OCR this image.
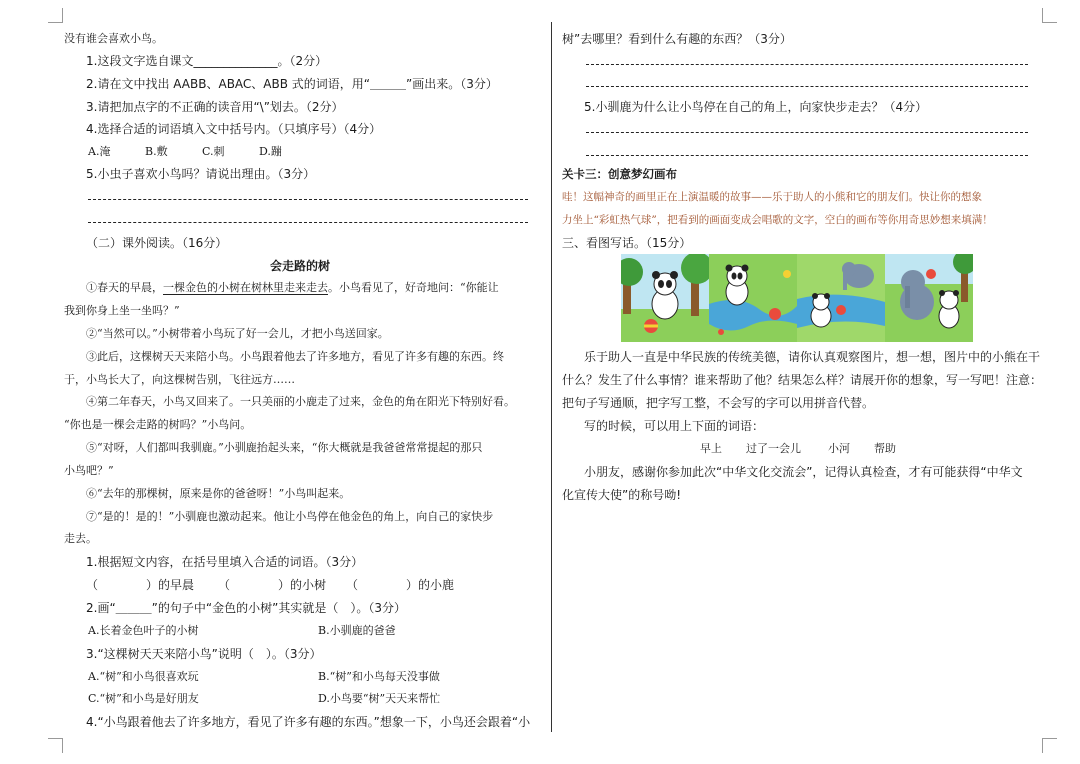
没有谁会喜欢小鸟。
1.这段文字选自课文______________。（2分）
2.请在文中找出 AABB、ABAC、ABB 式的词语，用“＿＿＿”画出来。（3分）
3.请把加点字的不正确的读音用“\”划去。（2分）
4.选择合适的词语填入文中括号内。（只填序号）（4分）
A.淹	B.敷	C.刺	D.蹦
5.小虫子喜欢小鸟吗？请说出理由。（3分）
（二）课外阅读。（16分）
会走路的树
①春天的早晨，一棵金色的小树在树林里走来走去。小鸟看见了，好奇地问：“你能让
我到你身上坐一坐吗？”
②“当然可以。”小树带着小鸟玩了好一会儿，才把小鸟送回家。
③此后，这棵树天天来陪小鸟。小鸟跟着他去了许多地方，看见了许多有趣的东西。终
于，小鸟长大了，向这棵树告别，飞往远方……
④第二年春天，小鸟又回来了。一只美丽的小鹿走了过来，金色的角在阳光下特别好看。
“你也是一棵会走路的树吗？”小鸟问。
⑤“对呀，人们都叫我驯鹿。”小驯鹿抬起头来，“你大概就是我爸爸常常提起的那只
小鸟吧？”
⑥“去年的那棵树，原来是你的爸爸呀！”小鸟叫起来。
⑦“是的！是的！”小驯鹿也激动起来。他让小鸟停在他金色的角上，向自己的家快步
走去。
1.根据短文内容，在括号里填入合适的词语。（3分）
（　　　　）的早晨 （　　　　）的小树 （　　　　）的小鹿
2.画“＿＿＿”的句子中“金色的小树”其实就是（　）。（3分）
A.长着金色叶子的小树	B.小驯鹿的爸爸
3.“这棵树天天来陪小鸟”说明（　）。（3分）
A.“树”和小鸟很喜欢玩	B.“树”和小鸟每天没事做
C.“树”和小鸟是好朋友	D.小鸟要“树”天天来帮忙
4.“小鸟跟着他去了许多地方，看见了许多有趣的东西。”想象一下，小鸟还会跟着“小
树”去哪里？看到什么有趣的东西？（3分）
5.小驯鹿为什么让小鸟停在自己的角上，向家快步走去？（4分）
关卡三：创意梦幻画布
哇！这幅神奇的画里正在上演温暖的故事——乐于助人的小熊和它的朋友们。快让你的想象
力坐上“彩虹热气球”，把看到的画面变成会唱歌的文字，空白的画布等你用奇思妙想来填满！
三、看图写话。（15分）
乐于助人一直是中华民族的传统美德，请你认真观察图片，想一想，图片中的小熊在干
什么？发生了什么事情？谁来帮助了他？结果怎么样？请展开你的想象，写一写吧！注意：
把句子写通顺，把字写工整，不会写的字可以用拼音代替。
写的时候，可以用上下面的词语：
早上 过了一会儿 小河 帮助
小朋友，感谢你参加此次“中华文化交流会”，记得认真检查，才有可能获得“中华文
化宣传大使”的称号呦!
